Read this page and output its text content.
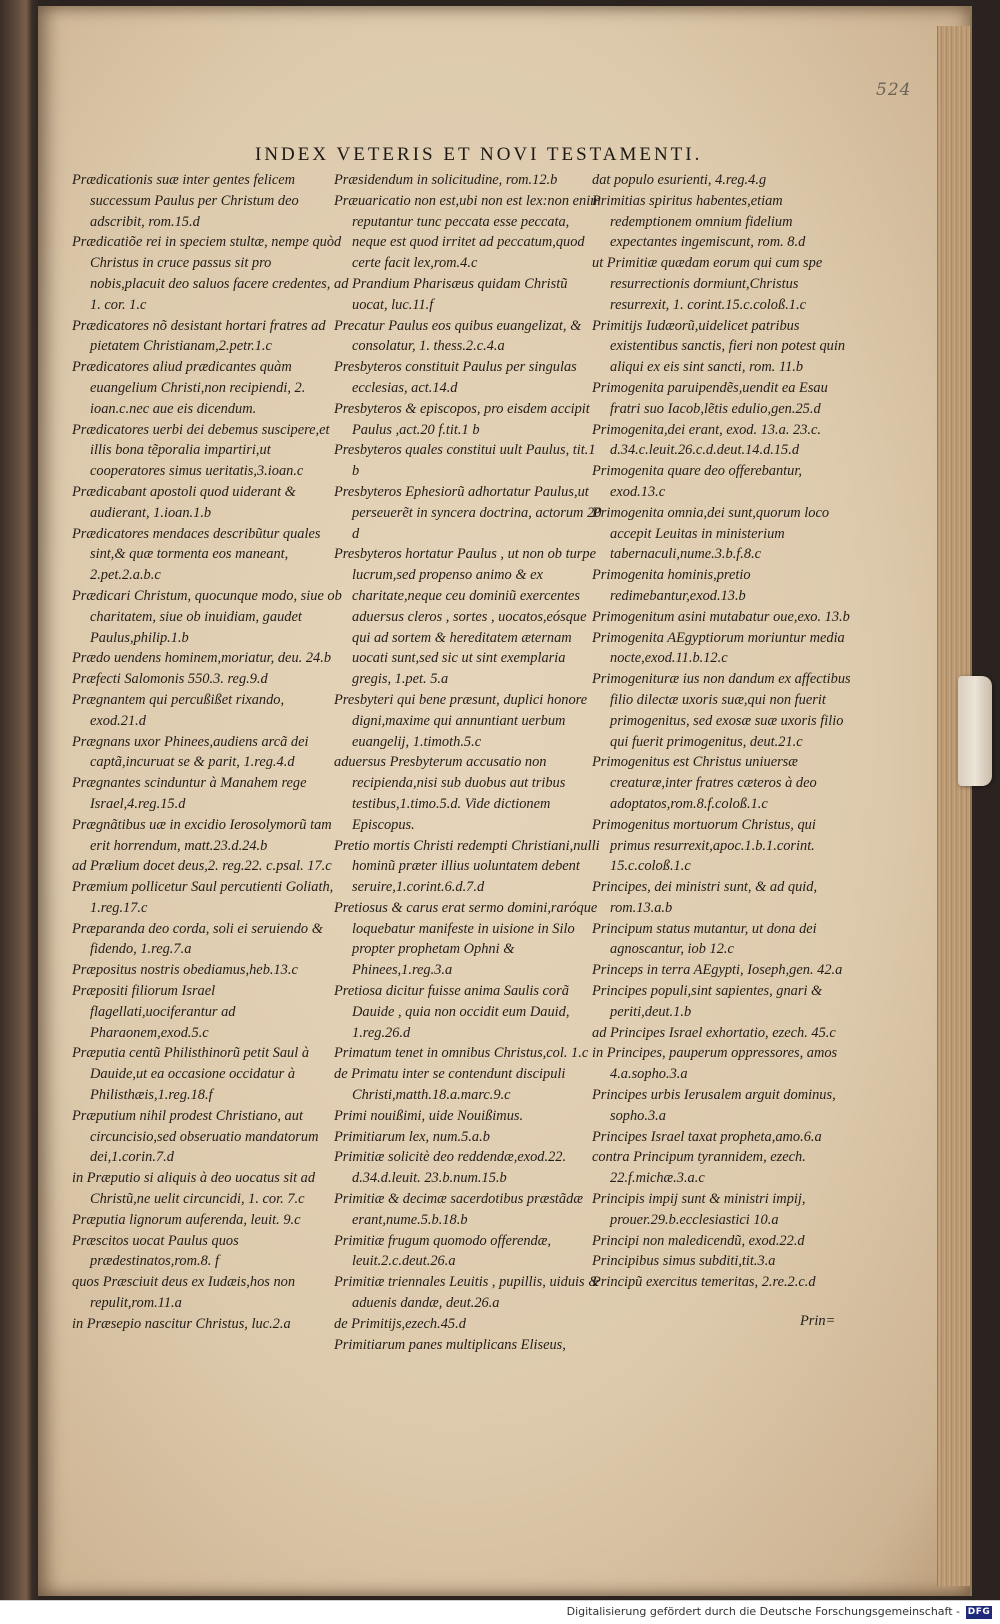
524
INDEX VETERIS ET NOVI TESTAMENTI.

Prædicationis suæ inter gentes felicem successum Paulus per Christum deo adscribit, rom.15.d

Prædicatiõe rei in speciem stultæ, nempe quòd Christus in cruce passus sit pro nobis,placuit deo saluos facere credentes, 1. cor. 1.c

Prædicatores nõ desistant hortari fratres ad pietatem Christianam,2.petr.1.c

Prædicatores aliud prædicantes quàm euangelium Christi,non recipiendi, 2. ioan.c.nec aue eis dicendum.

Prædicatores uerbi dei debemus suscipere,et illis bona tẽporalia impartiri,ut cooperatores simus ueritatis,3.ioan.c

Prædicabant apostoli quod uiderant & audierant, 1.ioan.1.b

Prædicatores mendaces describũtur quales sint,& quæ tormenta eos maneant, 2.pet.2.a.b.c

Prædicari Christum, quocunque modo, siue ob charitatem, siue ob inuidiam, gaudet Paulus,philip.1.b

Prædo uendens hominem,moriatur, deu. 24.b

Præfecti Salomonis 550.3. reg.9.d

Prægnantem qui percußißet rixando, exod.21.d

Prægnans uxor Phinees,audiens arcã dei captã,incuruat se & parit, 1.reg.4.d

Prægnantes scinduntur à Manahem rege Israel,4.reg.15.d

Prægnãtibus uæ in excidio Ierosolymorũ tam erit horrendum, matt.23.d.24.b

ad Prælium docet deus,2. reg.22. c.psal. 17.c

Præmium pollicetur Saul percutienti Goliath, 1.reg.17.c

Præparanda deo corda, soli ei seruiendo & fidendo, 1.reg.7.a

Præpositus nostris obediamus,heb.13.c

Præpositi filiorum Israel flagellati,uociferantur ad Pharaonem,exod.5.c

Præputia centũ Philisthinorũ petit Saul à Dauide,ut ea occasione occidatur à Philisthæis,1.reg.18.f

Præputium nihil prodest Christiano, aut circuncisio,sed obseruatio mandatorum dei,1.corin.7.d

in Præputio si aliquis à deo uocatus sit ad Christũ,ne uelit circuncidi, 1. cor. 7.c

Præputia lignorum auferenda, leuit. 9.c

Præscitos uocat Paulus quos prædestinatos,rom.8. f

quos Præsciuit deus ex Iudæis,hos non repulit,rom.11.a

in Præsepio nascitur Christus, luc.2.a

Præsidendum in solicitudine, rom.12.b

Præuaricatio non est,ubi non est lex:non enim reputantur tunc peccata esse peccata, neque est quod irritet ad peccatum,quod certe facit lex,rom.4.c

ad Prandium Pharisæus quidam Christũ uocat, luc.11.f

Precatur Paulus eos quibus euangelizat, & consolatur, 1. thess.2.c.4.a

Presbyteros constituit Paulus per singulas ecclesias, act.14.d

Presbyteros & episcopos, pro eisdem accipit Paulus ,act.20 f.tit.1 b

Presbyteros quales constitui uult Paulus, tit.1 b

Presbyteros Ephesiorũ adhortatur Paulus,ut perseuerẽt in syncera doctrina, actorum 20 d

Presbyteros hortatur Paulus , ut non ob turpe lucrum,sed propenso animo & ex charitate,neque ceu dominiũ exercentes aduersus cleros , sortes , uocatos,eósque qui ad sortem & hereditatem æternam uocati sunt,sed sic ut sint exemplaria gregis, 1.pet. 5.a

Presbyteri qui bene præsunt, duplici honore digni,maxime qui annuntiant uerbum euangelij, 1.timoth.5.c

aduersus Presbyterum accusatio non recipienda,nisi sub duobus aut tribus testibus,1.timo.5.d. Vide dictionem Episcopus.

Pretio mortis Christi redempti Christiani,nulli hominũ præter illius uoluntatem debent seruire,1.corint.6.d.7.d

Pretiosus & carus erat sermo domini,raróque loquebatur manifeste in uisione in Silo propter prophetam Ophni & Phinees,1.reg.3.a

Pretiosa dicitur fuisse anima Saulis corã Dauide , quia non occidit eum Dauid, 1.reg.26.d

Primatum tenet in omnibus Christus,col. 1.c

de Primatu inter se contendunt discipuli Christi,matth.18.a.marc.9.c

Primi nouißimi, uide Nouißimus.

Primitiarum lex, num.5.a.b

Primitiæ solicitè deo reddendæ,exod.22. d.34.d.leuit. 23.b.num.15.b

Primitiæ & decimæ sacerdotibus præstãdæ erant,nume.5.b.18.b

Primitiæ frugum quomodo offerendæ, leuit.2.c.deut.26.a

Primitiæ triennales Leuitis , pupillis, uiduis & aduenis dandæ, deut.26.a

de Primitijs,ezech.45.d

Primitiarum panes multiplicans Eliseus,

dat populo esurienti, 4.reg.4.g

Primitias spiritus habentes,etiam redemptionem omnium fidelium expectantes ingemiscunt, rom. 8.d

ut Primitiæ quædam eorum qui cum spe resurrectionis dormiunt,Christus resurrexit, 1. corint.15.c.coloß.1.c

Primitijs Iudæorũ,uidelicet patribus existentibus sanctis, fieri non potest quin aliqui ex eis sint sancti, rom. 11.b

Primogenita paruipendẽs,uendit ea Esau fratri suo Iacob,lẽtis edulio,gen.25.d

Primogenita,dei erant, exod. 13.a. 23.c. d.34.c.leuit.26.c.d.deut.14.d.15.d

Primogenita quare deo offerebantur, exod.13.c

Primogenita omnia,dei sunt,quorum loco accepit Leuitas in ministerium tabernaculi,nume.3.b.f.8.c

Primogenita hominis,pretio redimebantur,exod.13.b

Primogenitum asini mutabatur oue,exo. 13.b

Primogenita AEgyptiorum moriuntur media nocte,exod.11.b.12.c

Primogenituræ ius non dandum ex affectibus filio dilectæ uxoris suæ,qui non fuerit primogenitus, sed exosæ suæ uxoris filio qui fuerit primogenitus, deut.21.c

Primogenitus est Christus uniuersæ creaturæ,inter fratres cæteros à deo adoptatos,rom.8.f.coloß.1.c

Primogenitus mortuorum Christus, qui primus resurrexit,apoc.1.b.1.corint. 15.c.coloß.1.c

Principes, dei ministri sunt, & ad quid, rom.13.a.b

Principum status mutantur, ut dona dei agnoscantur, iob 12.c

Princeps in terra AEgypti, Ioseph,gen. 42.a

Principes populi,sint sapientes, gnari & periti,deut.1.b

ad Principes Israel exhortatio, ezech. 45.c

in Principes, pauperum oppressores, amos 4.a.sopho.3.a

Principes urbis Ierusalem arguit dominus, sopho.3.a

Principes Israel taxat propheta,amo.6.a

contra Principum tyrannidem, ezech. 22.f.michæ.3.a.c

Principis impij sunt & ministri impij, prouer.29.b.ecclesiastici 10.a

Principi non maledicendũ, exod.22.d

Principibus simus subditi,tit.3.a

Principũ exercitus temeritas, 2.re.2.c.d

Prin=
Digitalisierung gefördert durch die Deutsche Forschungsgemeinschaft - DFG
